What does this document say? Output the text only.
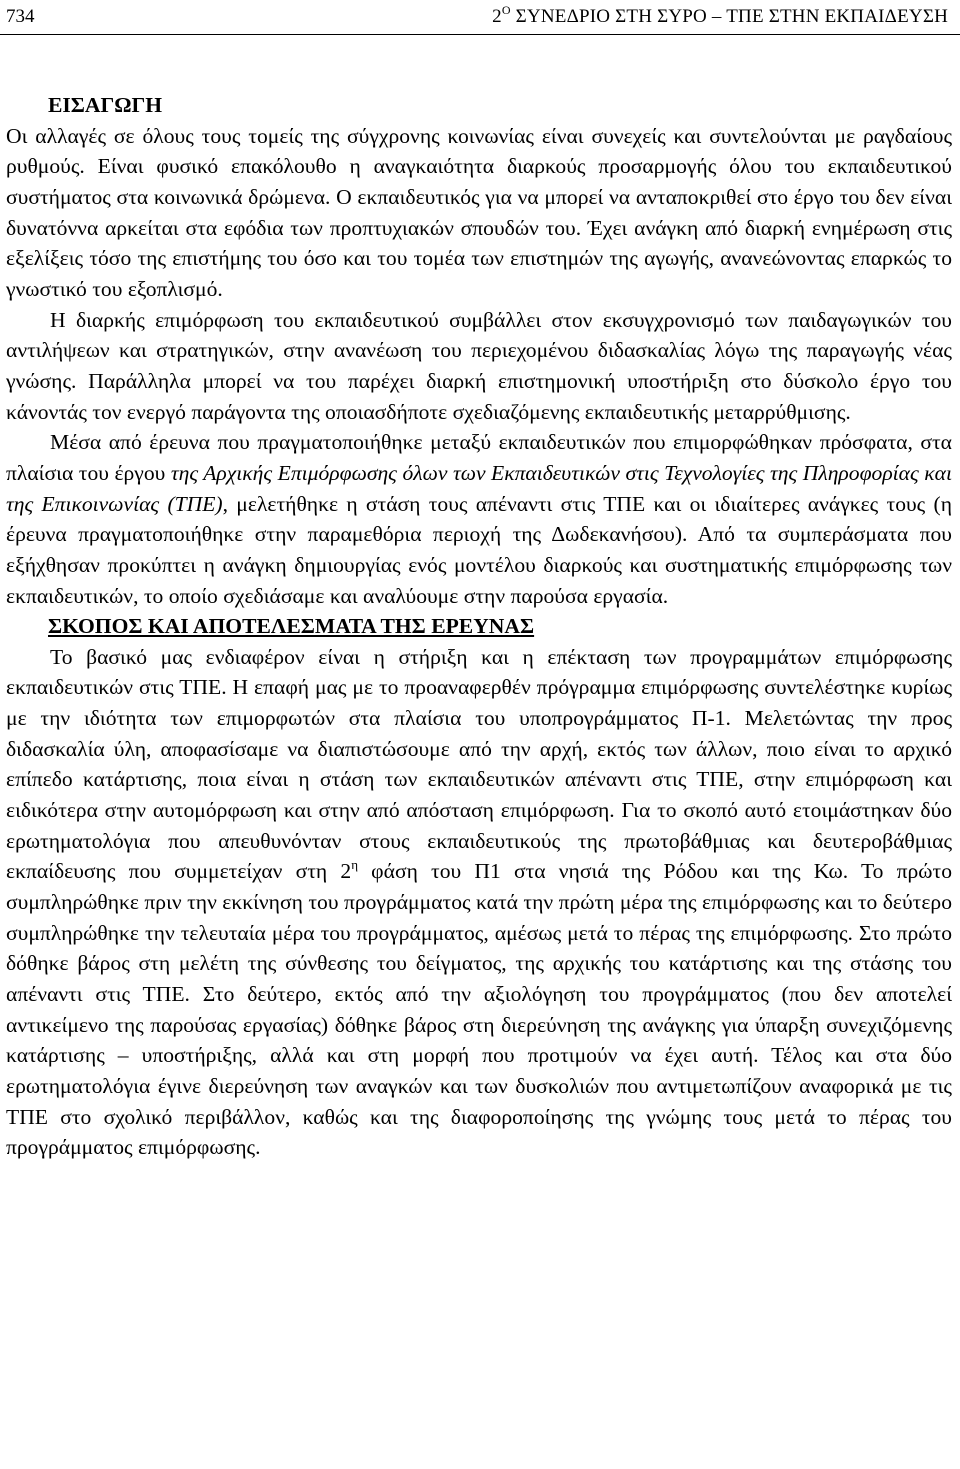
734	$2^O$ ΣΥΝΕΔΡΙΟ ΣΤΗ ΣΥΡΟ – ΤΠΕ ΣΤΗΝ ΕΚΠΑΙΔΕΥΣΗ
ΕΙΣΑΓΩΓΗ

Οι αλλαγές σε όλους τους τομείς της σύγχρονης κοινωνίας είναι συνεχείς και συντελούνται με ραγδαίους ρυθμούς. Είναι φυσικό επακόλουθο η αναγκαιότητα διαρκούς προσαρμογής όλου του εκπαιδευτικού συστήματος στα κοινωνικά δρώμενα. Ο εκπαιδευτικός για να μπορεί να ανταποκριθεί στο έργο του δεν είναι δυνατόννα αρκείται στα εφόδια των προπτυχιακών σπουδών του. Έχει ανάγκη από διαρκή ενημέρωση στις εξελίξεις τόσο της επιστήμης του όσο και του τομέα των επιστημών της αγωγής, ανανεώνοντας επαρκώς το γνωστικό του εξοπλισμό.

Η διαρκής επιμόρφωση του εκπαιδευτικού συμβάλλει στον εκσυγχρονισμό των παιδαγωγικών του αντιλήψεων και στρατηγικών, στην ανανέωση του περιεχομένου διδασκαλίας λόγω της παραγωγής νέας γνώσης. Παράλληλα μπορεί να του παρέχει διαρκή επιστημονική υποστήριξη στο δύσκολο έργο του κάνοντάς τον ενεργό παράγοντα της οποιασδήποτε σχεδιαζόμενης εκπαιδευτικής μεταρρύθμισης.

Μέσα από έρευνα που πραγματοποιήθηκε μεταξύ εκπαιδευτικών που επιμορφώθηκαν πρόσφατα, στα πλαίσια του έργου της Αρχικής Επιμόρφωσης όλων των Εκπαιδευτικών στις Τεχνολογίες της Πληροφορίας και της Επικοινωνίας (ΤΠΕ), μελετήθηκε η στάση τους απέναντι στις ΤΠΕ και οι ιδιαίτερες ανάγκες τους (η έρευνα πραγματοποιήθηκε στην παραμεθόρια περιοχή της Δωδεκανήσου). Από τα συμπεράσματα που εξήχθησαν προκύπτει η ανάγκη δημιουργίας ενός μοντέλου διαρκούς και συστηματικής επιμόρφωσης των εκπαιδευτικών, το οποίο σχεδιάσαμε και αναλύουμε στην παρούσα εργασία.

ΣΚΟΠΟΣ ΚΑΙ ΑΠΟΤΕΛΕΣΜΑΤΑ ΤΗΣ ΕΡΕΥΝΑΣ

Το βασικό μας ενδιαφέρον είναι η στήριξη και η επέκταση των προγραμμάτων επιμόρφωσης εκπαιδευτικών στις ΤΠΕ. Η επαφή μας με το προαναφερθέν πρόγραμμα επιμόρφωσης συντελέστηκε κυρίως με την ιδιότητα των επιμορφωτών στα πλαίσια του υποπρογράμματος Π-1. Μελετώντας την προς διδασκαλία ύλη, αποφασίσαμε να διαπιστώσουμε από την αρχή, εκτός των άλλων, ποιο είναι το αρχικό επίπεδο κατάρτισης, ποια είναι η στάση των εκπαιδευτικών απέναντι στις ΤΠΕ, στην επιμόρφωση και ειδικότερα στην αυτομόρφωση και στην από απόσταση επιμόρφωση. Για το σκοπό αυτό ετοιμάστηκαν δύο ερωτηματολόγια που απευθυνόνταν στους εκπαιδευτικούς της πρωτοβάθμιας και δευτεροβάθμιας εκπαίδευσης που συμμετείχαν στη $2^\eta$ φάση του Π1 στα νησιά της Ρόδου και της Κω. Το πρώτο συμπληρώθηκε πριν την εκκίνηση του προγράμματος κατά την πρώτη μέρα της επιμόρφωσης και το δεύτερο συμπληρώθηκε την τελευταία μέρα του προγράμματος, αμέσως μετά το πέρας της επιμόρφωσης. Στο πρώτο δόθηκε βάρος στη μελέτη της σύνθεσης του δείγματος, της αρχικής του κατάρτισης και της στάσης του απέναντι στις ΤΠΕ. Στο δεύτερο, εκτός από την αξιολόγηση του προγράμματος (που δεν αποτελεί αντικείμενο της παρούσας εργασίας) δόθηκε βάρος στη διερεύνηση της ανάγκης για ύπαρξη συνεχιζόμενης κατάρτισης – υποστήριξης, αλλά και στη μορφή που προτιμούν να έχει αυτή. Τέλος και στα δύο ερωτηματολόγια έγινε διερεύνηση των αναγκών και των δυσκολιών που αντιμετωπίζουν αναφορικά με τις ΤΠΕ στο σχολικό περιβάλλον, καθώς και της διαφοροποίησης της γνώμης τους μετά το πέρας του προγράμματος επιμόρφωσης.
